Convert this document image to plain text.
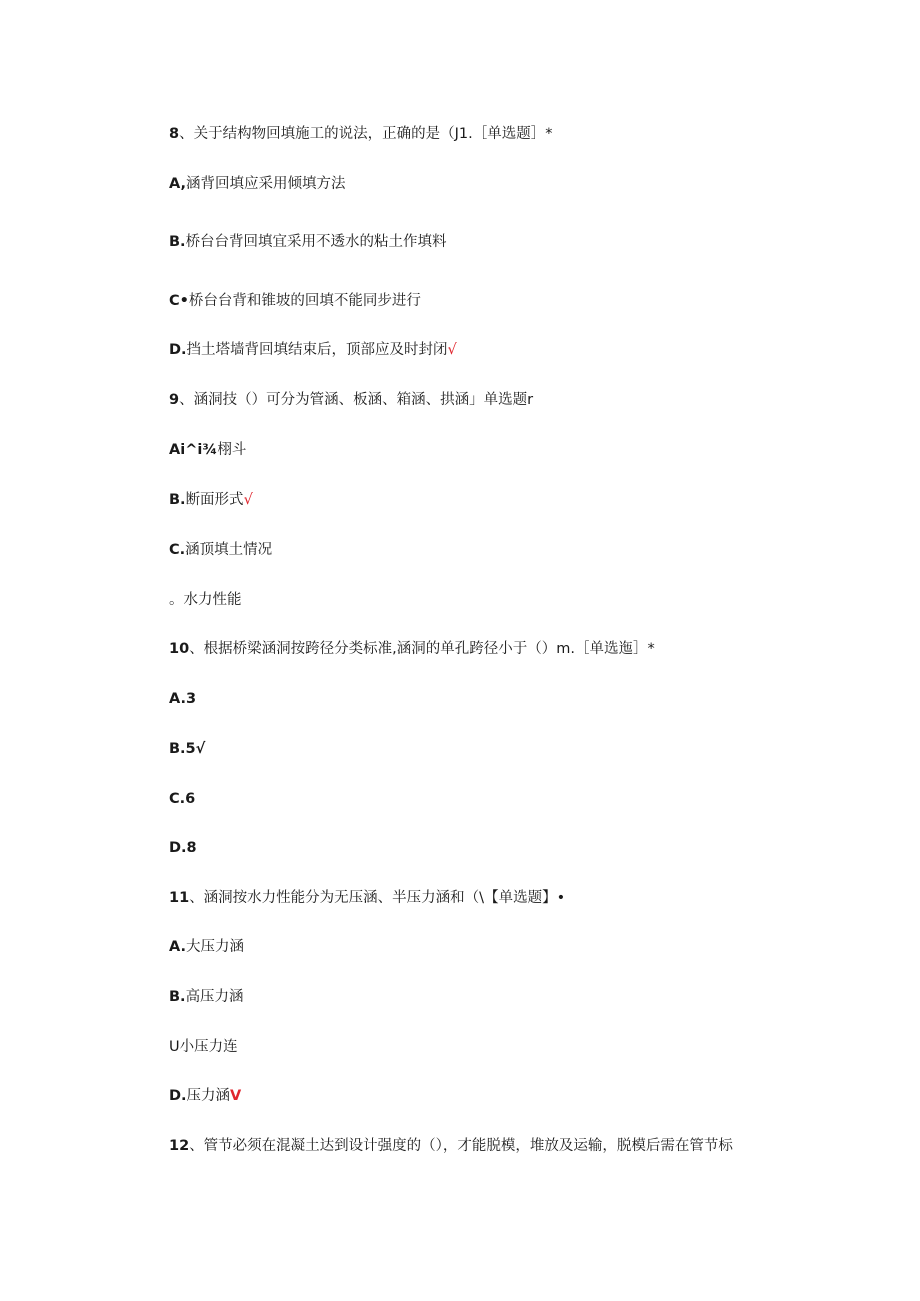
8、关于结构物回填施工的说法，正确的是（J1.［单选题］*
A,涵背回填应采用倾填方法
B.桥台台背回填宜采用不透水的粘土作填料
C•桥台台背和锥坡的回填不能同步进行
D.挡土塔墙背回填结束后，顶部应及时封闭√
9、涵洞技（）可分为管涵、板涵、箱涵、拱涵」单选题r
Ai^i¾栩斗
B.断面形式√
C.涵顶填土情况
。水力性能
10、根据桥梁涵洞按跨径分类标准,涵洞的单孔跨径小于（）m.［单选迤］*
A.3
B.5√
C.6
D.8
11、涵洞按水力性能分为无压涵、半压力涵和（\【单选题】•
A.大压力涵
B.高压力涵
U小压力连
D.压力涵V
12、管节必须在混凝土达到设计强度的（），才能脱模，堆放及运输，脱模后需在管节标
